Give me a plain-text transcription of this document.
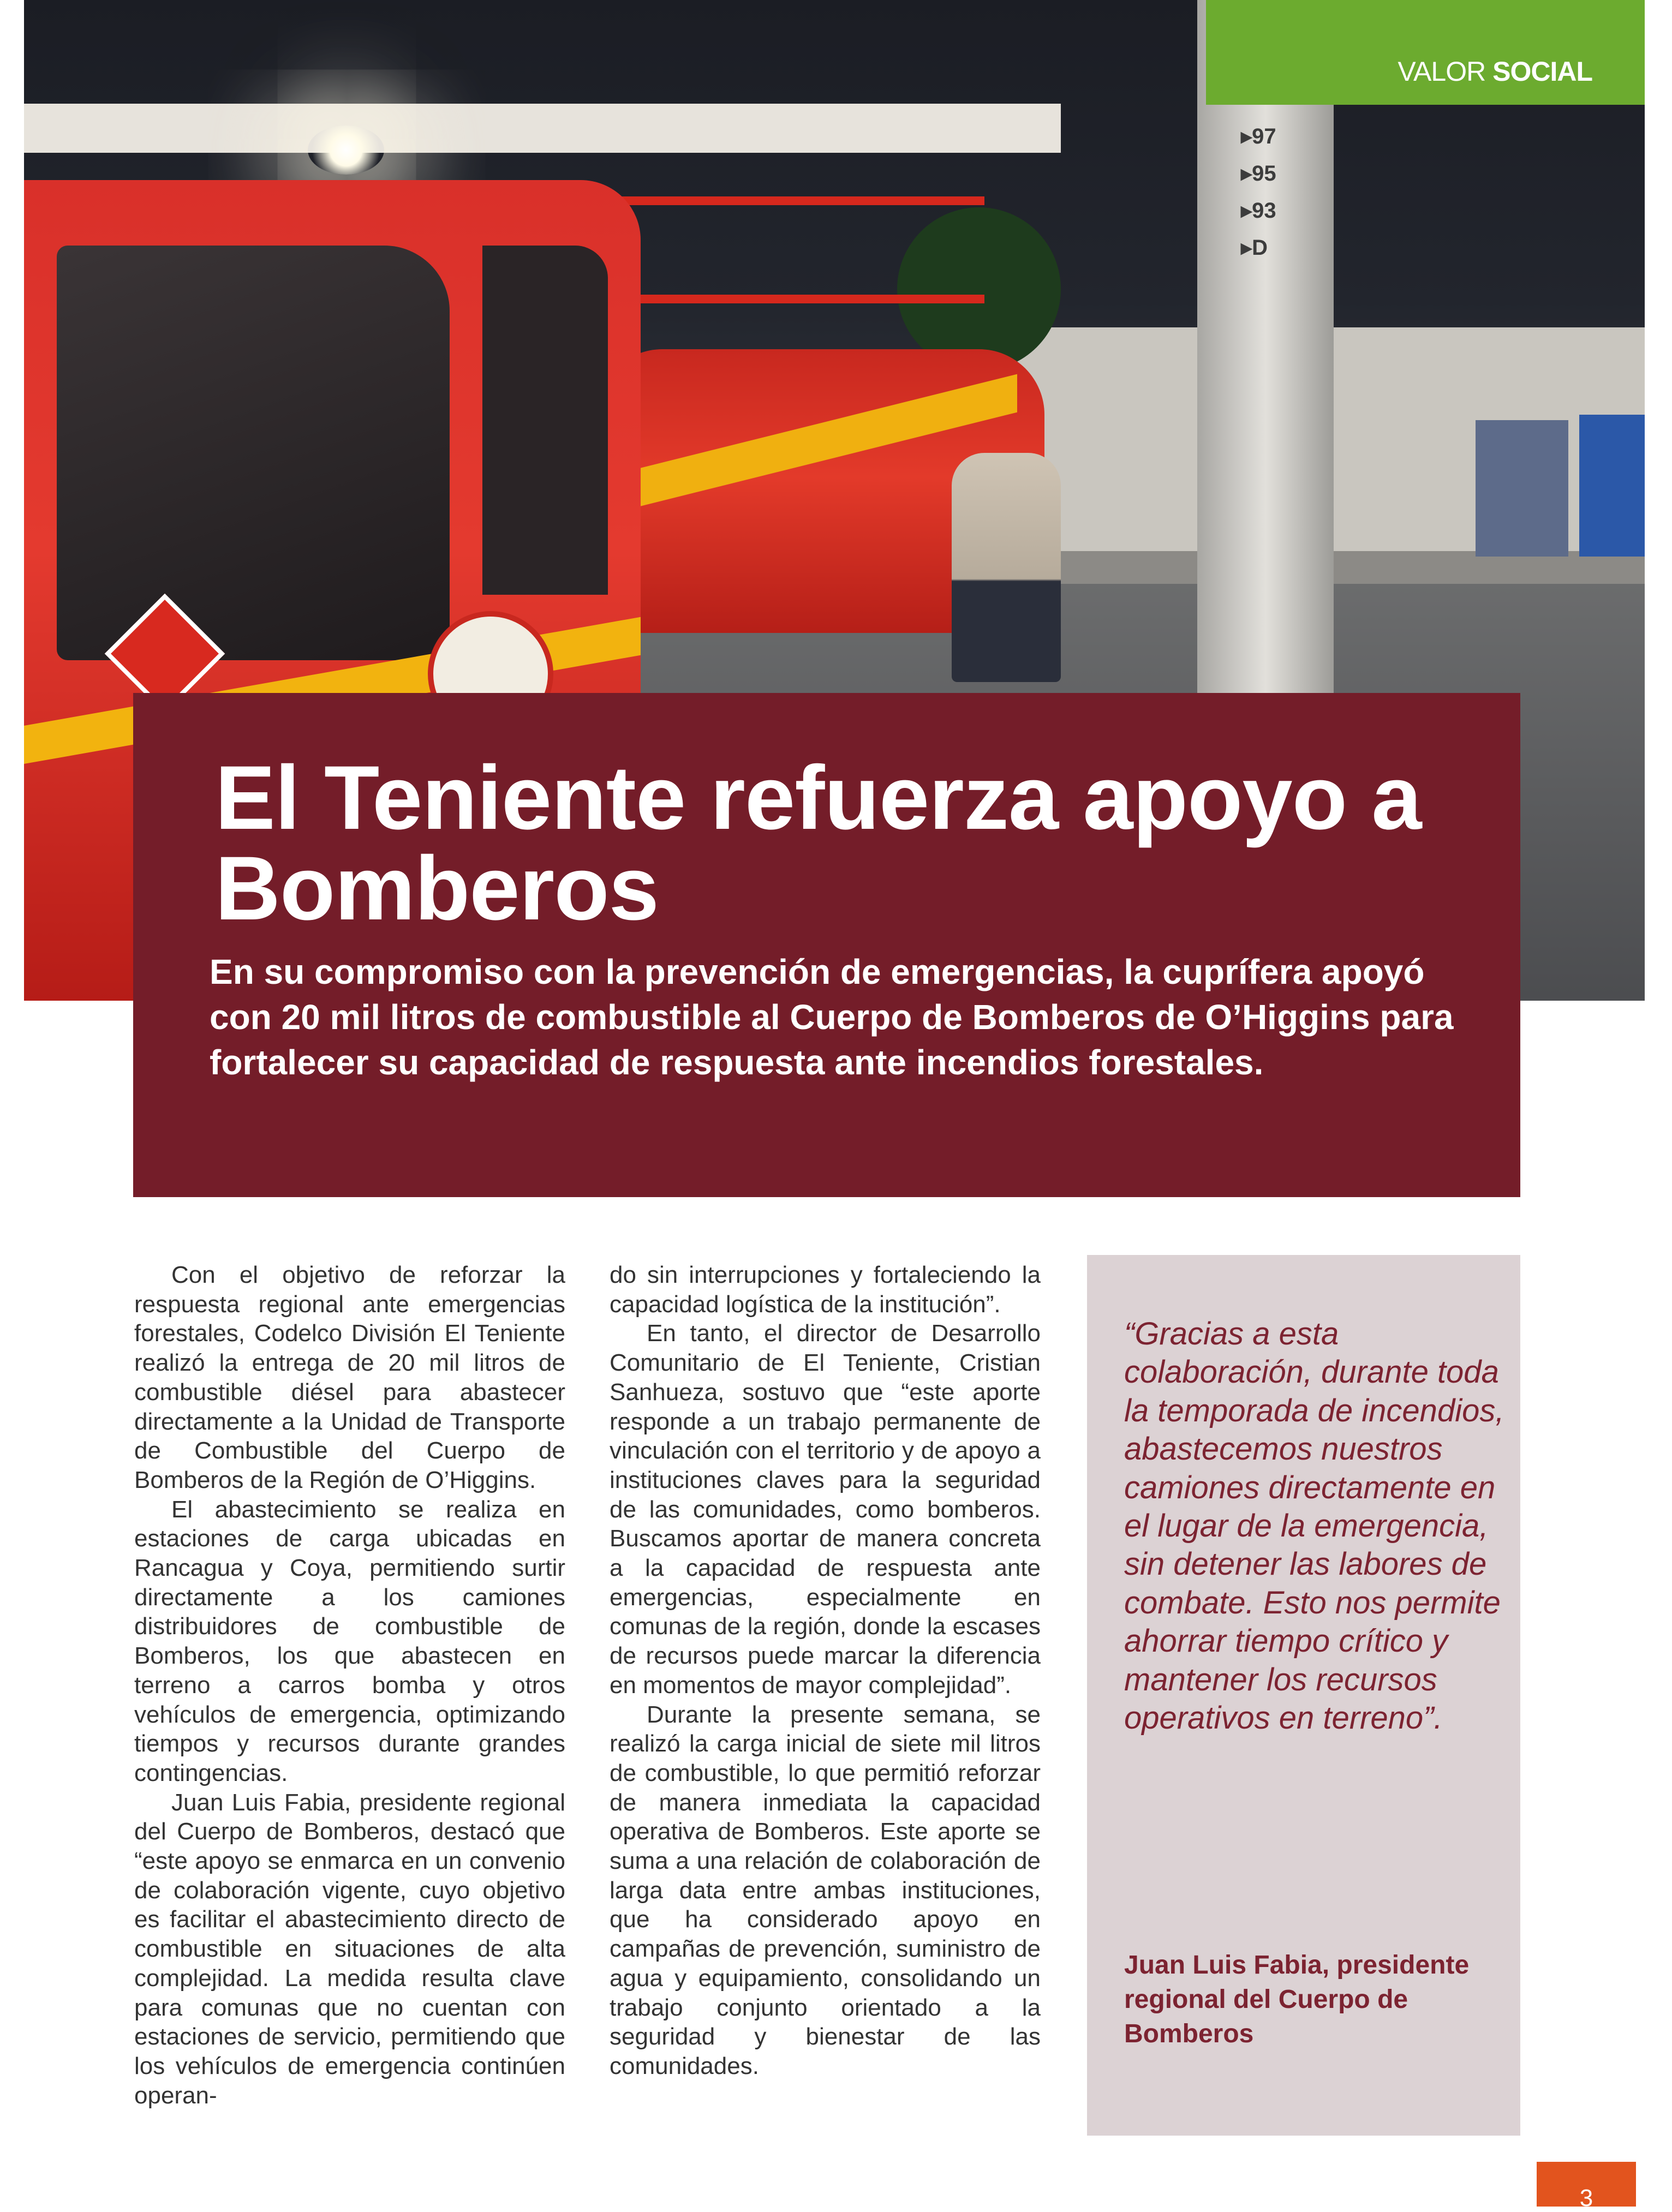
▸97
▸95
▸93
▸D
VALOR SOCIAL
El Teniente refuerza apoyo a Bomberos

En su compromiso con la prevención de emergencias, la cuprífera apoyó con 20 mil litros de combustible al Cuerpo de Bomberos de O’Higgins para fortalecer su capacidad de respuesta ante incendios forestales.

Con el objetivo de reforzar la respuesta regional ante emergencias forestales, Codelco División El Teniente realizó la entrega de 20 mil litros de combustible diésel para abastecer directamente a la Unidad de Transporte de Combustible del Cuerpo de Bomberos de la Región de O’Higgins.

El abastecimiento se realiza en estaciones de carga ubicadas en Rancagua y Coya, permitiendo surtir directamente a los camiones distribuidores de combustible de Bomberos, los que abastecen en terreno a carros bomba y otros vehículos de emergencia, optimizando tiempos y recursos durante grandes contingencias.

Juan Luis Fabia, presidente regional del Cuerpo de Bomberos, destacó que “este apoyo se enmarca en un convenio de colaboración vigente, cuyo objetivo es facilitar el abastecimiento directo de combustible en situaciones de alta complejidad. La medida resulta clave para comunas que no cuentan con estaciones de servicio, permitiendo que los vehículos de emergencia continúen operan-

do sin interrupciones y fortaleciendo la capacidad logística de la institución”.

En tanto, el director de Desarrollo Comunitario de El Teniente, Cristian Sanhueza, sostuvo que “este aporte responde a un trabajo permanente de vinculación con el territorio y de apoyo a instituciones claves para la seguridad de las comunidades, como bomberos. Buscamos aportar de manera concreta a la capacidad de respuesta ante emergencias, especialmente en comunas de la región, donde la escases de recursos puede marcar la diferencia en momentos de mayor complejidad”.

Durante la presente semana, se realizó la carga inicial de siete mil litros de combustible, lo que permitió reforzar de manera inmediata la capacidad operativa de Bomberos. Este aporte se suma a una relación de colaboración de larga data entre ambas instituciones, que ha considerado apoyo en campañas de prevención, suministro de agua y equipamiento, consolidando un trabajo conjunto orientado a la seguridad y bienestar de las comunidades.

“Gracias a esta colaboración, durante toda la temporada de incendios, abastecemos nuestros camiones directamente en el lugar de la emergencia, sin detener las labores de combate. Esto nos permite ahorrar tiempo crítico y mantener los recursos operativos en terreno”.

Juan Luis Fabia, presidente regional del Cuerpo de Bomberos

3
